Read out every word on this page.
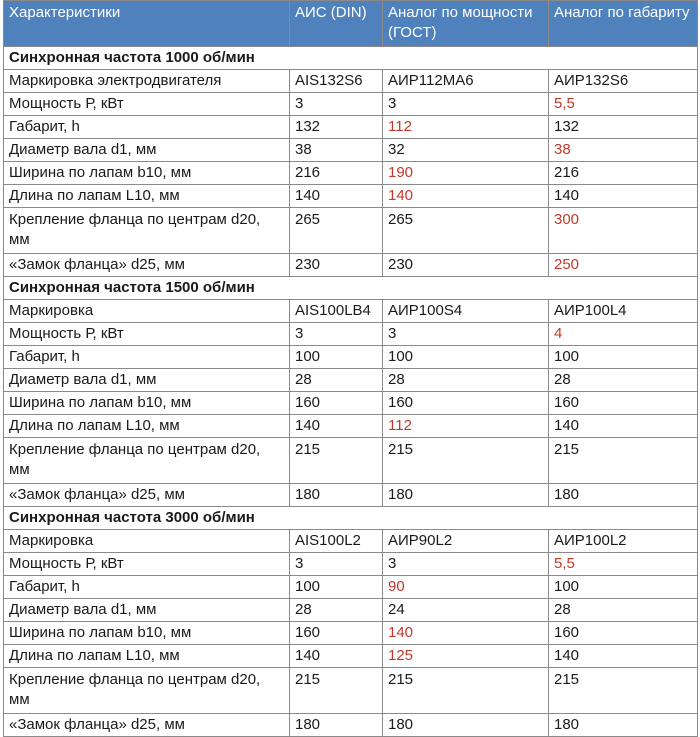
Характеристики	АИС (DIN)	Аналог по мощности (ГОСТ)	Аналог по габариту
Синхронная частота 1000 об/мин			
Маркировка электродвигателя	AIS132S6	АИР112МА6	АИР132S6
Мощность Р, кВт	3	3	5,5
Габарит, h	132	112	132
Диаметр вала d1, мм	38	32	38
Ширина по лапам b10, мм	216	190	216
Длина по лапам L10, мм	140	140	140
Крепление фланца по центрам d20, мм	265	265	300
«Замок фланца» d25, мм	230	230	250
Синхронная частота 1500 об/мин			
Маркировка	AIS100LB4	АИР100S4	АИР100L4
Мощность Р, кВт	3	3	4
Габарит, h	100	100	100
Диаметр вала d1, мм	28	28	28
Ширина по лапам b10, мм	160	160	160
Длина по лапам L10, мм	140	112	140
Крепление фланца по центрам d20, мм	215	215	215
«Замок фланца» d25, мм	180	180	180
Синхронная частота 3000 об/мин			
Маркировка	AIS100L2	АИР90L2	АИР100L2
Мощность Р, кВт	3	3	5,5
Габарит, h	100	90	100
Диаметр вала d1, мм	28	24	28
Ширина по лапам b10, мм	160	140	160
Длина по лапам L10, мм	140	125	140
Крепление фланца по центрам d20, мм	215	215	215
«Замок фланца» d25, мм	180	180	180
